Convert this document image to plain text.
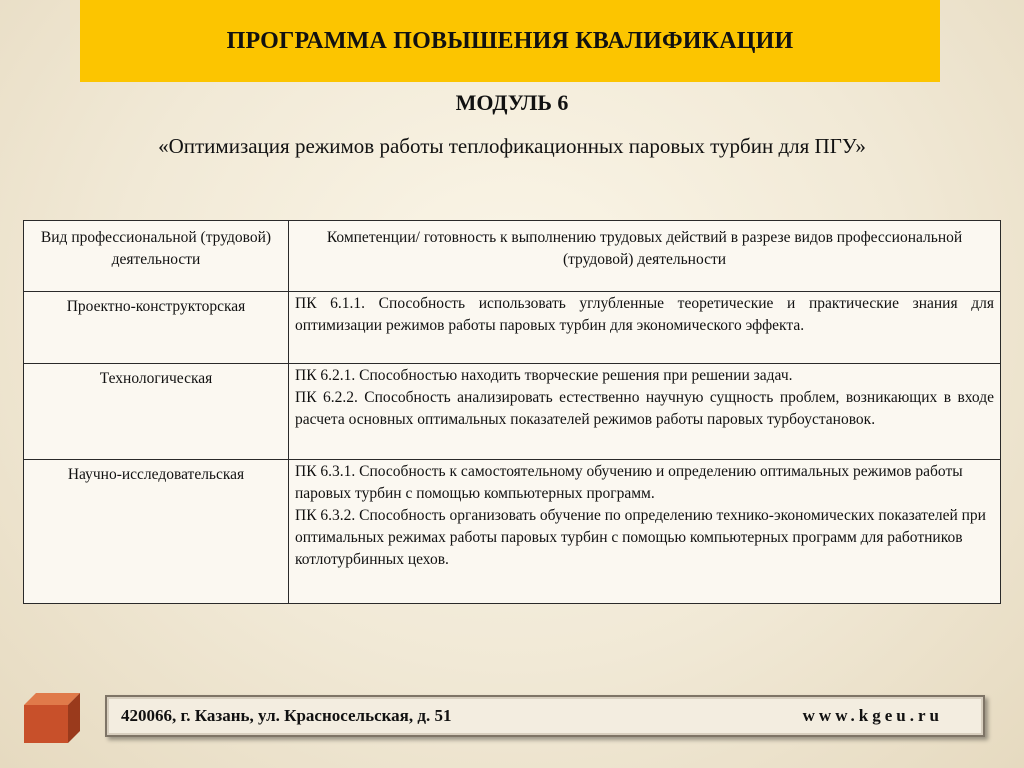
ПРОГРАММА ПОВЫШЕНИЯ КВАЛИФИКАЦИИ
МОДУЛЬ 6
«Оптимизация режимов работы теплофикационных паровых турбин для ПГУ»
Вид профессиональной (трудовой) деятельности	Компетенции/ готовность к выполнению трудовых действий в разрезе видов профессиональной (трудовой) деятельности
Проектно-конструкторская	ПК 6.1.1. Способность использовать углубленные теоретические и практические знания для оптимизации режимов работы паровых турбин для экономического эффекта.

Технологическая	ПК 6.2.1. Способностью находить творческие решения при решении задач.

ПК 6.2.2. Способность анализировать естественно научную сущность проблем, возникающих в входе расчета основных оптимальных показателей режимов работы паровых турбоустановок.

Научно-исследовательская	ПК 6.3.1. Способность к самостоятельному обучению и определению оптимальных режимов работы паровых турбин с помощью компьютерных программ.

ПК 6.3.2. Способность организовать обучение по определению технико-экономических показателей при оптимальных режимах работы паровых турбин с помощью компьютерных программ для работников котлотурбинных цехов.

420066, г. Казань, ул. Красносельская, д. 51	www.kgeu.ru
